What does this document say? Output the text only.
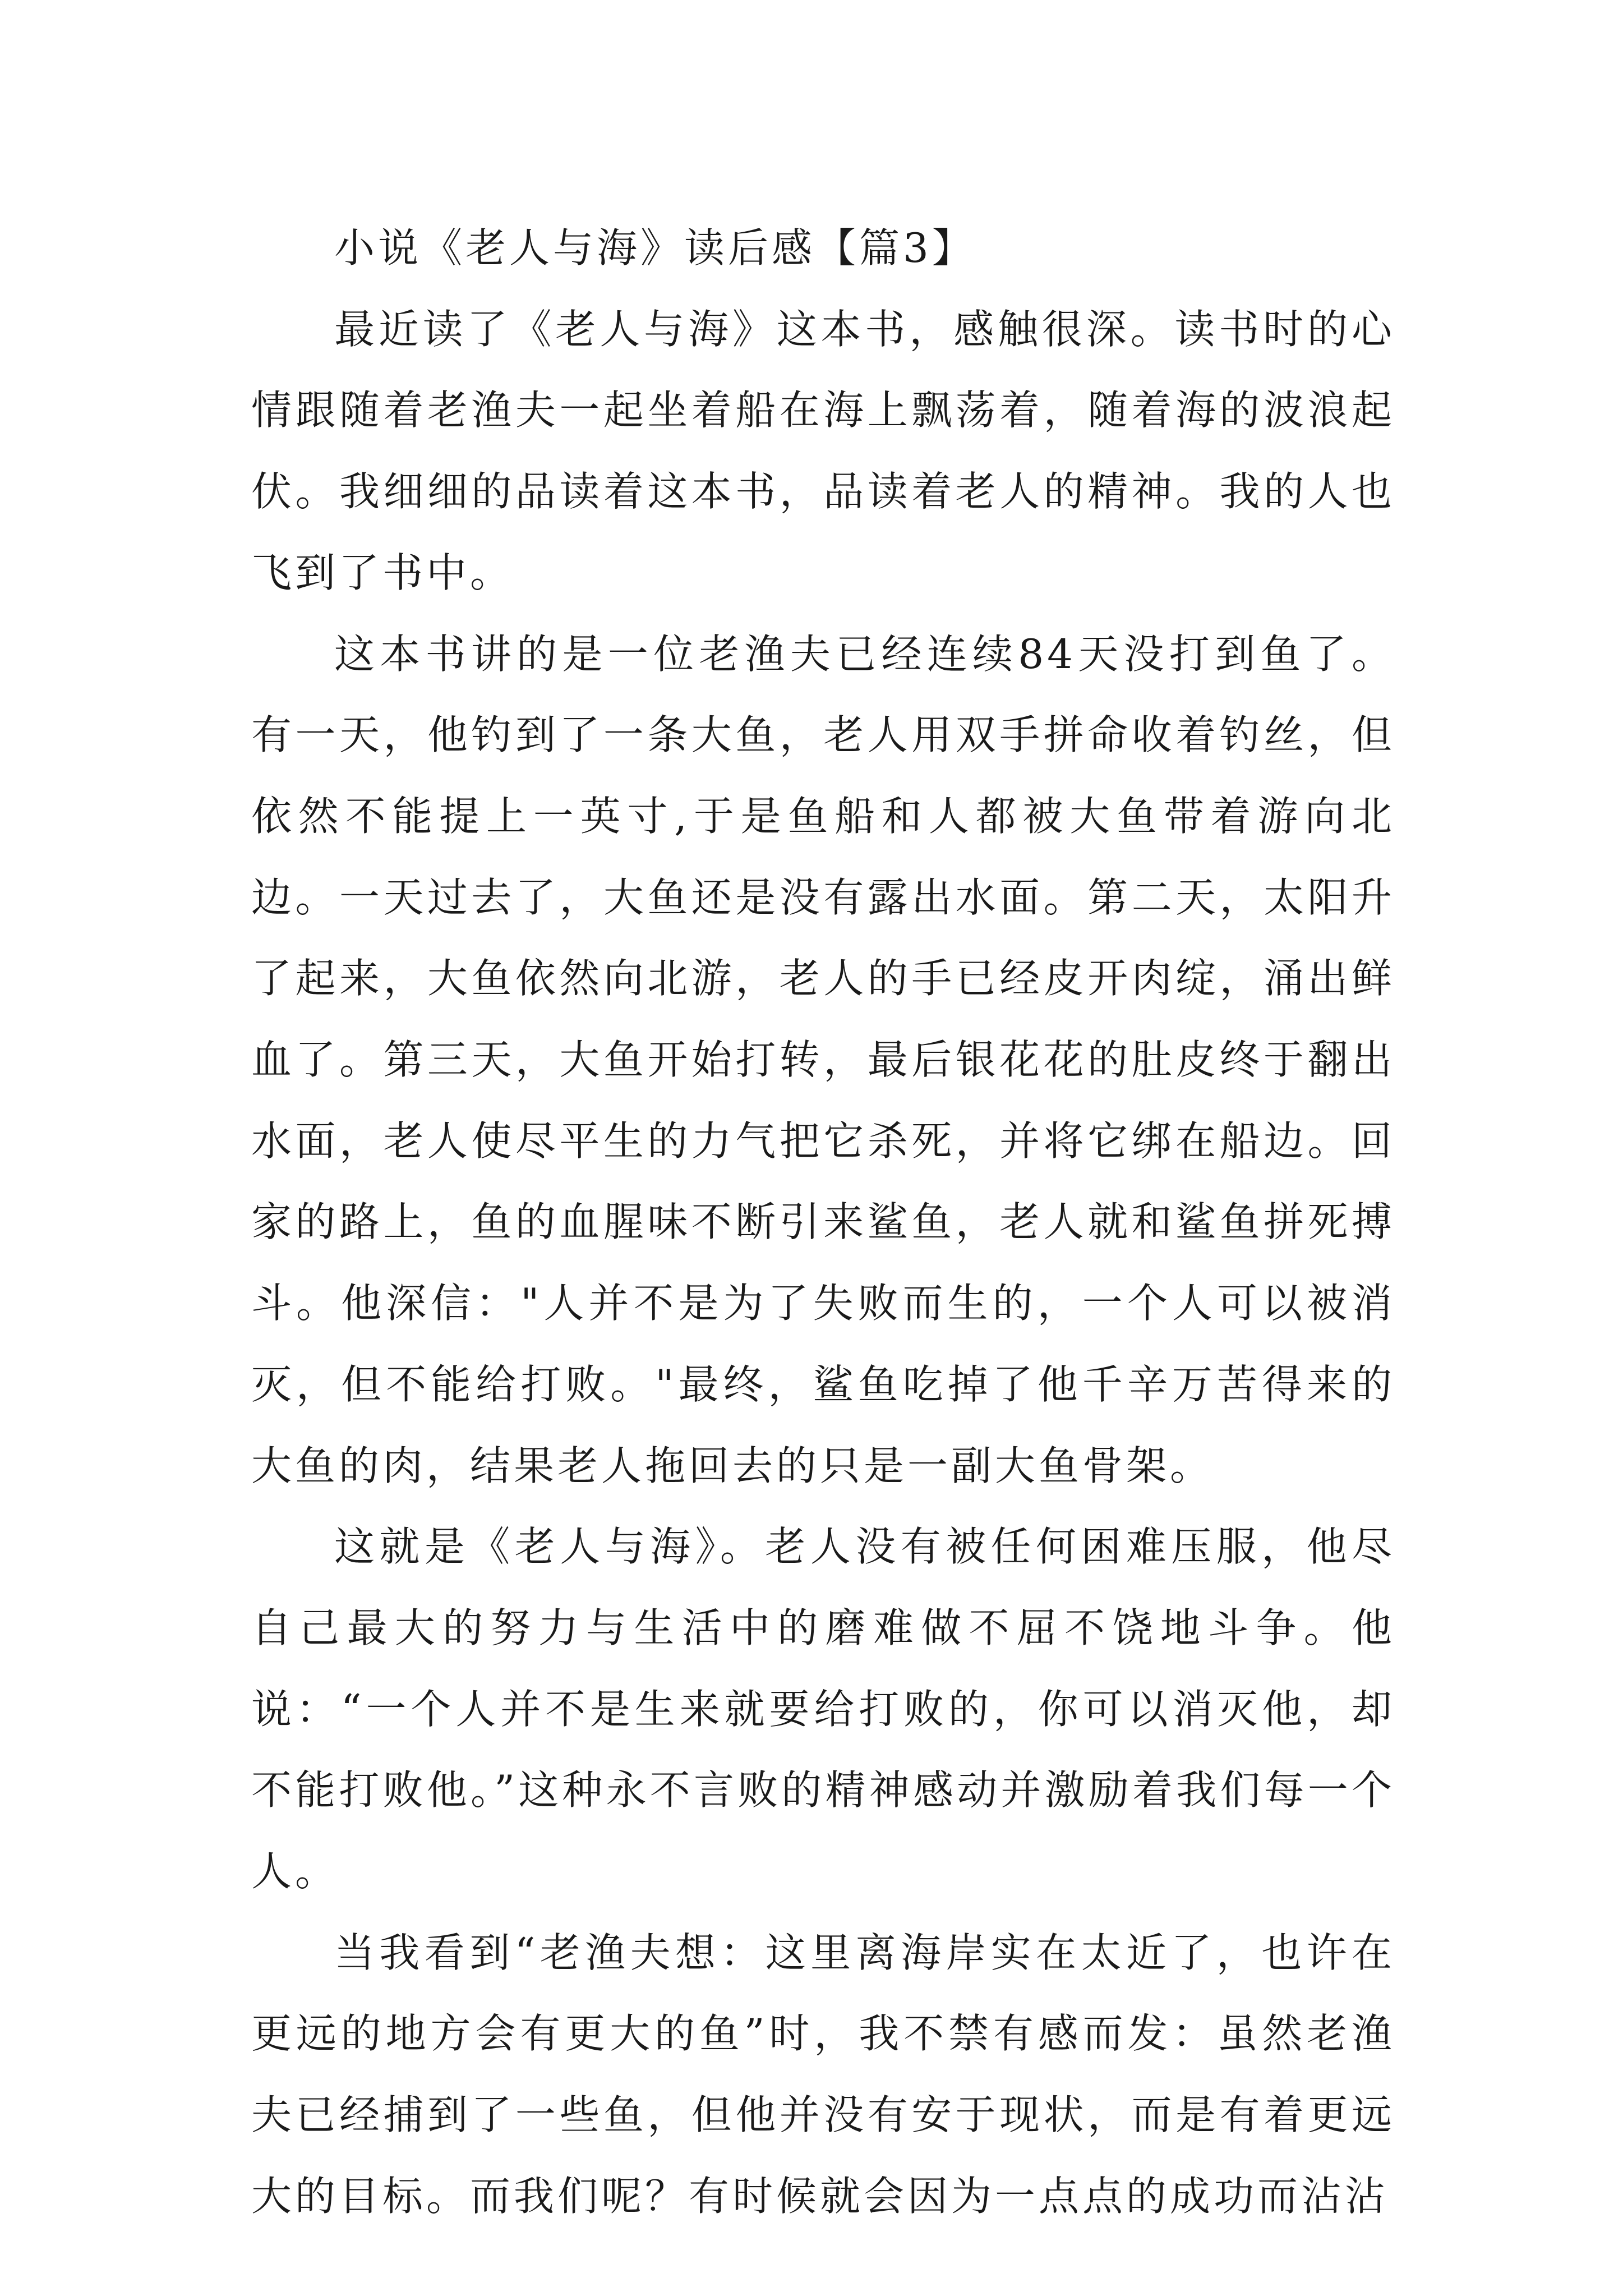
小说《老人与海》读后感【篇3】

最近读了《老人与海》这本书，感触很深。读书时的心情跟随着老渔夫一起坐着船在海上飘荡着，随着海的波浪起伏。我细细的品读着这本书，品读着老人的精神。我的人也飞到了书中。

这本书讲的是一位老渔夫已经连续84天没打到鱼了。有一天，他钓到了一条大鱼，老人用双手拼命收着钓丝，但依然不能提上一英寸,于是鱼船和人都被大鱼带着游向北边。一天过去了，大鱼还是没有露出水面。第二天，太阳升了起来，大鱼依然向北游，老人的手已经皮开肉绽，涌出鲜血了。第三天，大鱼开始打转，最后银花花的肚皮终于翻出水面，老人使尽平生的力气把它杀死，并将它绑在船边。回家的路上，鱼的血腥味不断引来鲨鱼，老人就和鲨鱼拼死搏斗。他深信："人并不是为了失败而生的，一个人可以被消灭，但不能给打败。"最终，鲨鱼吃掉了他千辛万苦得来的大鱼的肉，结果老人拖回去的只是一副大鱼骨架。

这就是《老人与海》。老人没有被任何困难压服，他尽自己最大的努力与生活中的磨难做不屈不饶地斗争。他说：“一个人并不是生来就要给打败的，你可以消灭他，却不能打败他。”这种永不言败的精神感动并激励着我们每一个人。

当我看到“老渔夫想：这里离海岸实在太近了，也许在更远的地方会有更大的鱼”时，我不禁有感而发：虽然老渔夫已经捕到了一些鱼，但他并没有安于现状，而是有着更远大的目标。而我们呢？有时候就会因为一点点的成功而沾沾
